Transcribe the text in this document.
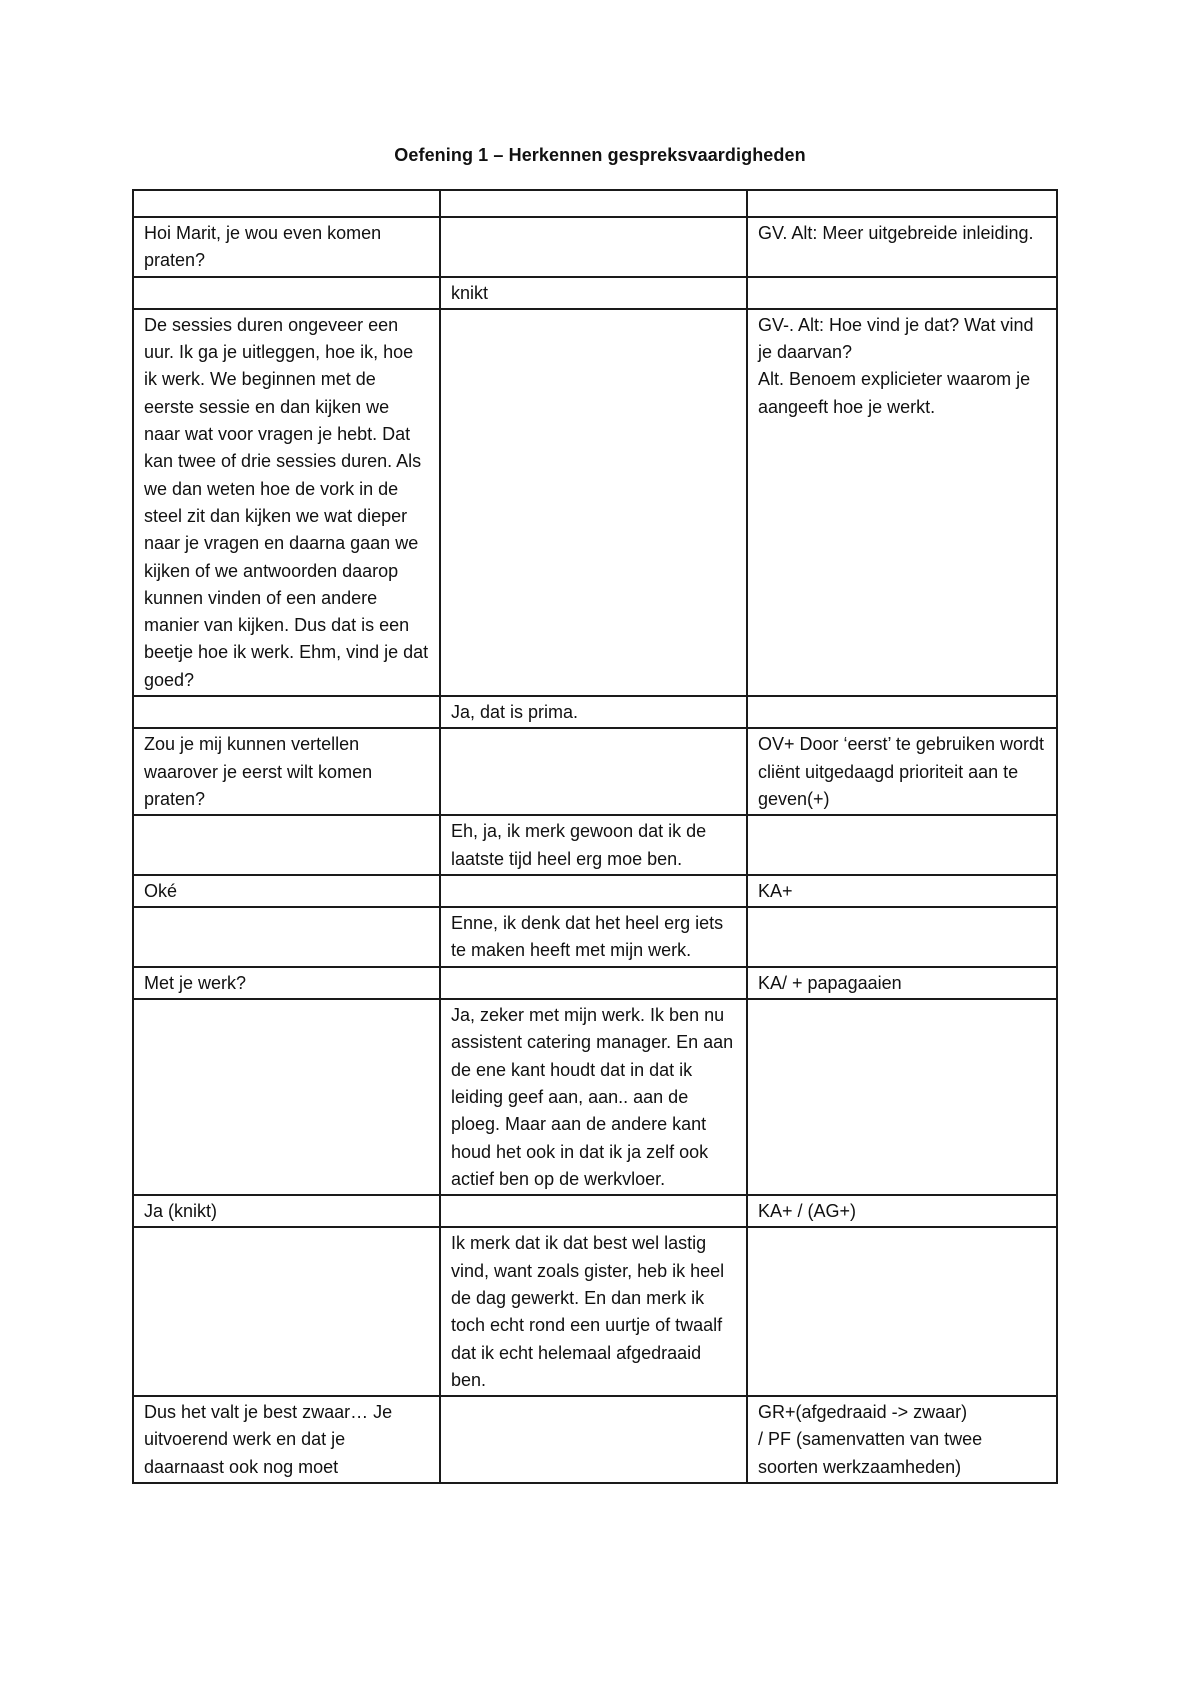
Oefening 1 – Herkennen gespreksvaardigheden

Hoi Marit, je wou even komen praten?		GV. Alt: Meer uitgebreide inleiding.
	knikt	
De sessies duren ongeveer een uur. Ik ga je uitleggen, hoe ik, hoe ik werk. We beginnen met de eerste sessie en dan kijken we naar wat voor vragen je hebt. Dat kan twee of drie sessies duren. Als we dan weten hoe de vork in de steel zit dan kijken we wat dieper naar je vragen en daarna gaan we kijken of we antwoorden daarop kunnen vinden of een andere manier van kijken. Dus dat is een beetje hoe ik werk. Ehm, vind je dat goed?		GV-. Alt: Hoe vind je dat? Wat vind je daarvan?
Alt. Benoem explicieter waarom je aangeeft hoe je werkt.
	Ja, dat is prima.	
Zou je mij kunnen vertellen waarover je eerst wilt komen praten?		OV+ Door ‘eerst’ te gebruiken wordt cliënt uitgedaagd prioriteit aan te geven(+)
	Eh, ja, ik merk gewoon dat ik de laatste tijd heel erg moe ben.	
Oké		KA+
	Enne, ik denk dat het heel erg iets te maken heeft met mijn werk.	
Met je werk?		KA/ + papagaaien
	Ja, zeker met mijn werk. Ik ben nu assistent catering manager. En aan de ene kant houdt dat in dat ik leiding geef aan, aan.. aan de ploeg. Maar aan de andere kant houd het ook in dat ik ja zelf ook actief ben op de werkvloer.	
Ja (knikt)		KA+ / (AG+)
	Ik merk dat ik dat best wel lastig vind, want zoals gister, heb ik heel de dag gewerkt. En dan merk ik toch echt rond een uurtje of twaalf dat ik echt helemaal afgedraaid ben.	
Dus het valt je best zwaar… Je uitvoerend werk en dat je daarnaast ook nog moet		GR+(afgedraaid -> zwaar)
/ PF (samenvatten van twee soorten werkzaamheden)
